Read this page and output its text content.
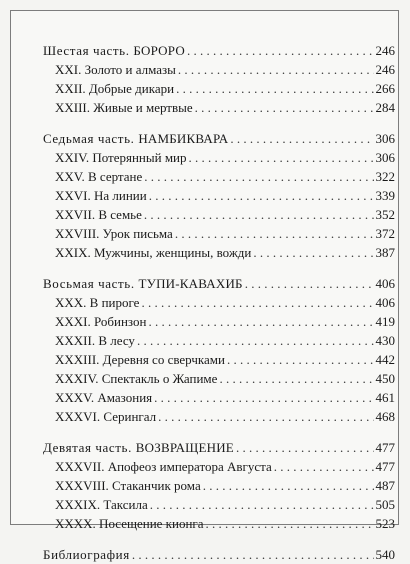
Шестая часть. БОРОРО . . .	246
XXI. Золото и алмазы . . .	246
XXII. Добрые дикари . . .	266
XXIII. Живые и мертвые . . .	284
Седьмая часть. НАМБИКВАРА . . .	306
XXIV. Потерянный мир . . .	306
XXV. В сертане . . .	322
XXVI. На линии . . .	339
XXVII. В семье . . .	352
XXVIII. Урок письма . . .	372
XXIX. Мужчины, женщины, вожди . . .	387
Восьмая часть. ТУПИ-КАВАХИБ . . .	406
XXX. В пироге . . .	406
XXXI. Робинзон . . .	419
XXXII. В лесу . . .	430
XXXIII. Деревня со сверчками . . .	442
XXXIV. Спектакль о Жапиме . . .	450
XXXV. Амазония . . .	461
XXXVI. Серингал . . .	468
Девятая часть. ВОЗВРАЩЕНИЕ . . .	477
XXXVII. Апофеоз императора Августа . . .	477
XXXVIII. Стаканчик рома . . .	487
XXXIX. Таксила . . .	505
XXXX. Посещение кионга . . .	523
Библиография . . .	540
